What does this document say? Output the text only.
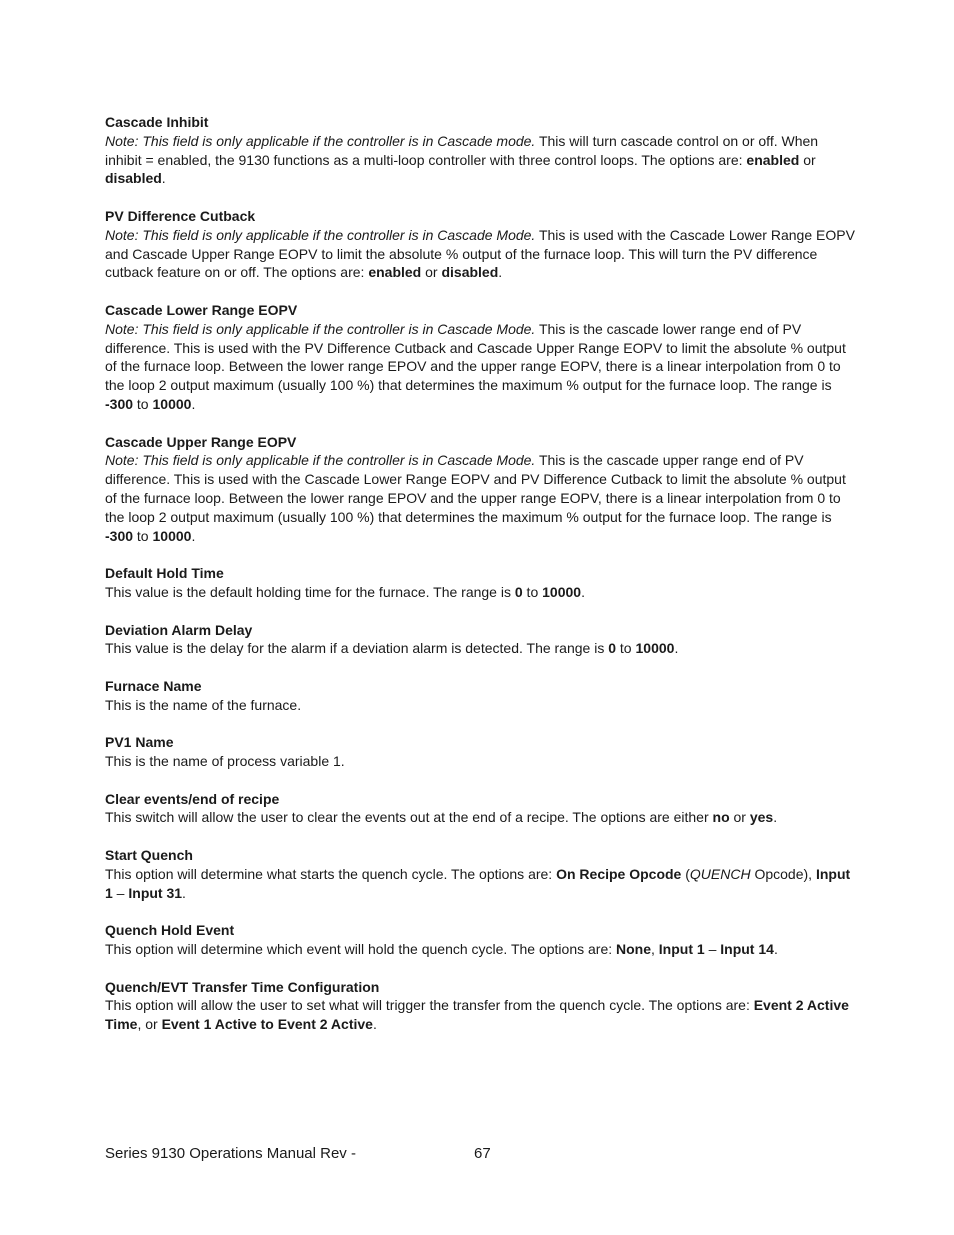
Cascade Inhibit
Note: This field is only applicable if the controller is in Cascade mode. This will turn cascade control on or off. When inhibit = enabled, the 9130 functions as a multi-loop controller with three control loops. The options are: enabled or disabled.
PV Difference Cutback
Note: This field is only applicable if the controller is in Cascade Mode. This is used with the Cascade Lower Range EOPV and Cascade Upper Range EOPV to limit the absolute % output of the furnace loop. This will turn the PV difference cutback feature on or off. The options are: enabled or disabled.
Cascade Lower Range EOPV
Note: This field is only applicable if the controller is in Cascade Mode. This is the cascade lower range end of PV difference. This is used with the PV Difference Cutback and Cascade Upper Range EOPV to limit the absolute % output of the furnace loop. Between the lower range EPOV and the upper range EOPV, there is a linear interpolation from 0 to the loop 2 output maximum (usually 100 %) that determines the maximum % output for the furnace loop. The range is -300 to 10000.
Cascade Upper Range EOPV
Note: This field is only applicable if the controller is in Cascade Mode. This is the cascade upper range end of PV difference. This is used with the Cascade Lower Range EOPV and PV Difference Cutback to limit the absolute % output of the furnace loop. Between the lower range EPOV and the upper range EOPV, there is a linear interpolation from 0 to the loop 2 output maximum (usually 100 %) that determines the maximum % output for the furnace loop. The range is -300 to 10000.
Default Hold Time
This value is the default holding time for the furnace. The range is 0 to 10000.
Deviation Alarm Delay
This value is the delay for the alarm if a deviation alarm is detected. The range is 0 to 10000.
Furnace Name
This is the name of the furnace.
PV1 Name
This is the name of process variable 1.
Clear events/end of recipe
This switch will allow the user to clear the events out at the end of a recipe. The options are either no or yes.
Start Quench
This option will determine what starts the quench cycle. The options are: On Recipe Opcode (QUENCH Opcode), Input 1 – Input 31.
Quench Hold Event
This option will determine which event will hold the quench cycle. The options are: None, Input 1 – Input 14.
Quench/EVT Transfer Time Configuration
This option will allow the user to set what will trigger the transfer from the quench cycle. The options are: Event 2 Active Time, or Event 1 Active to Event 2 Active.
Series 9130 Operations Manual Rev -	67
